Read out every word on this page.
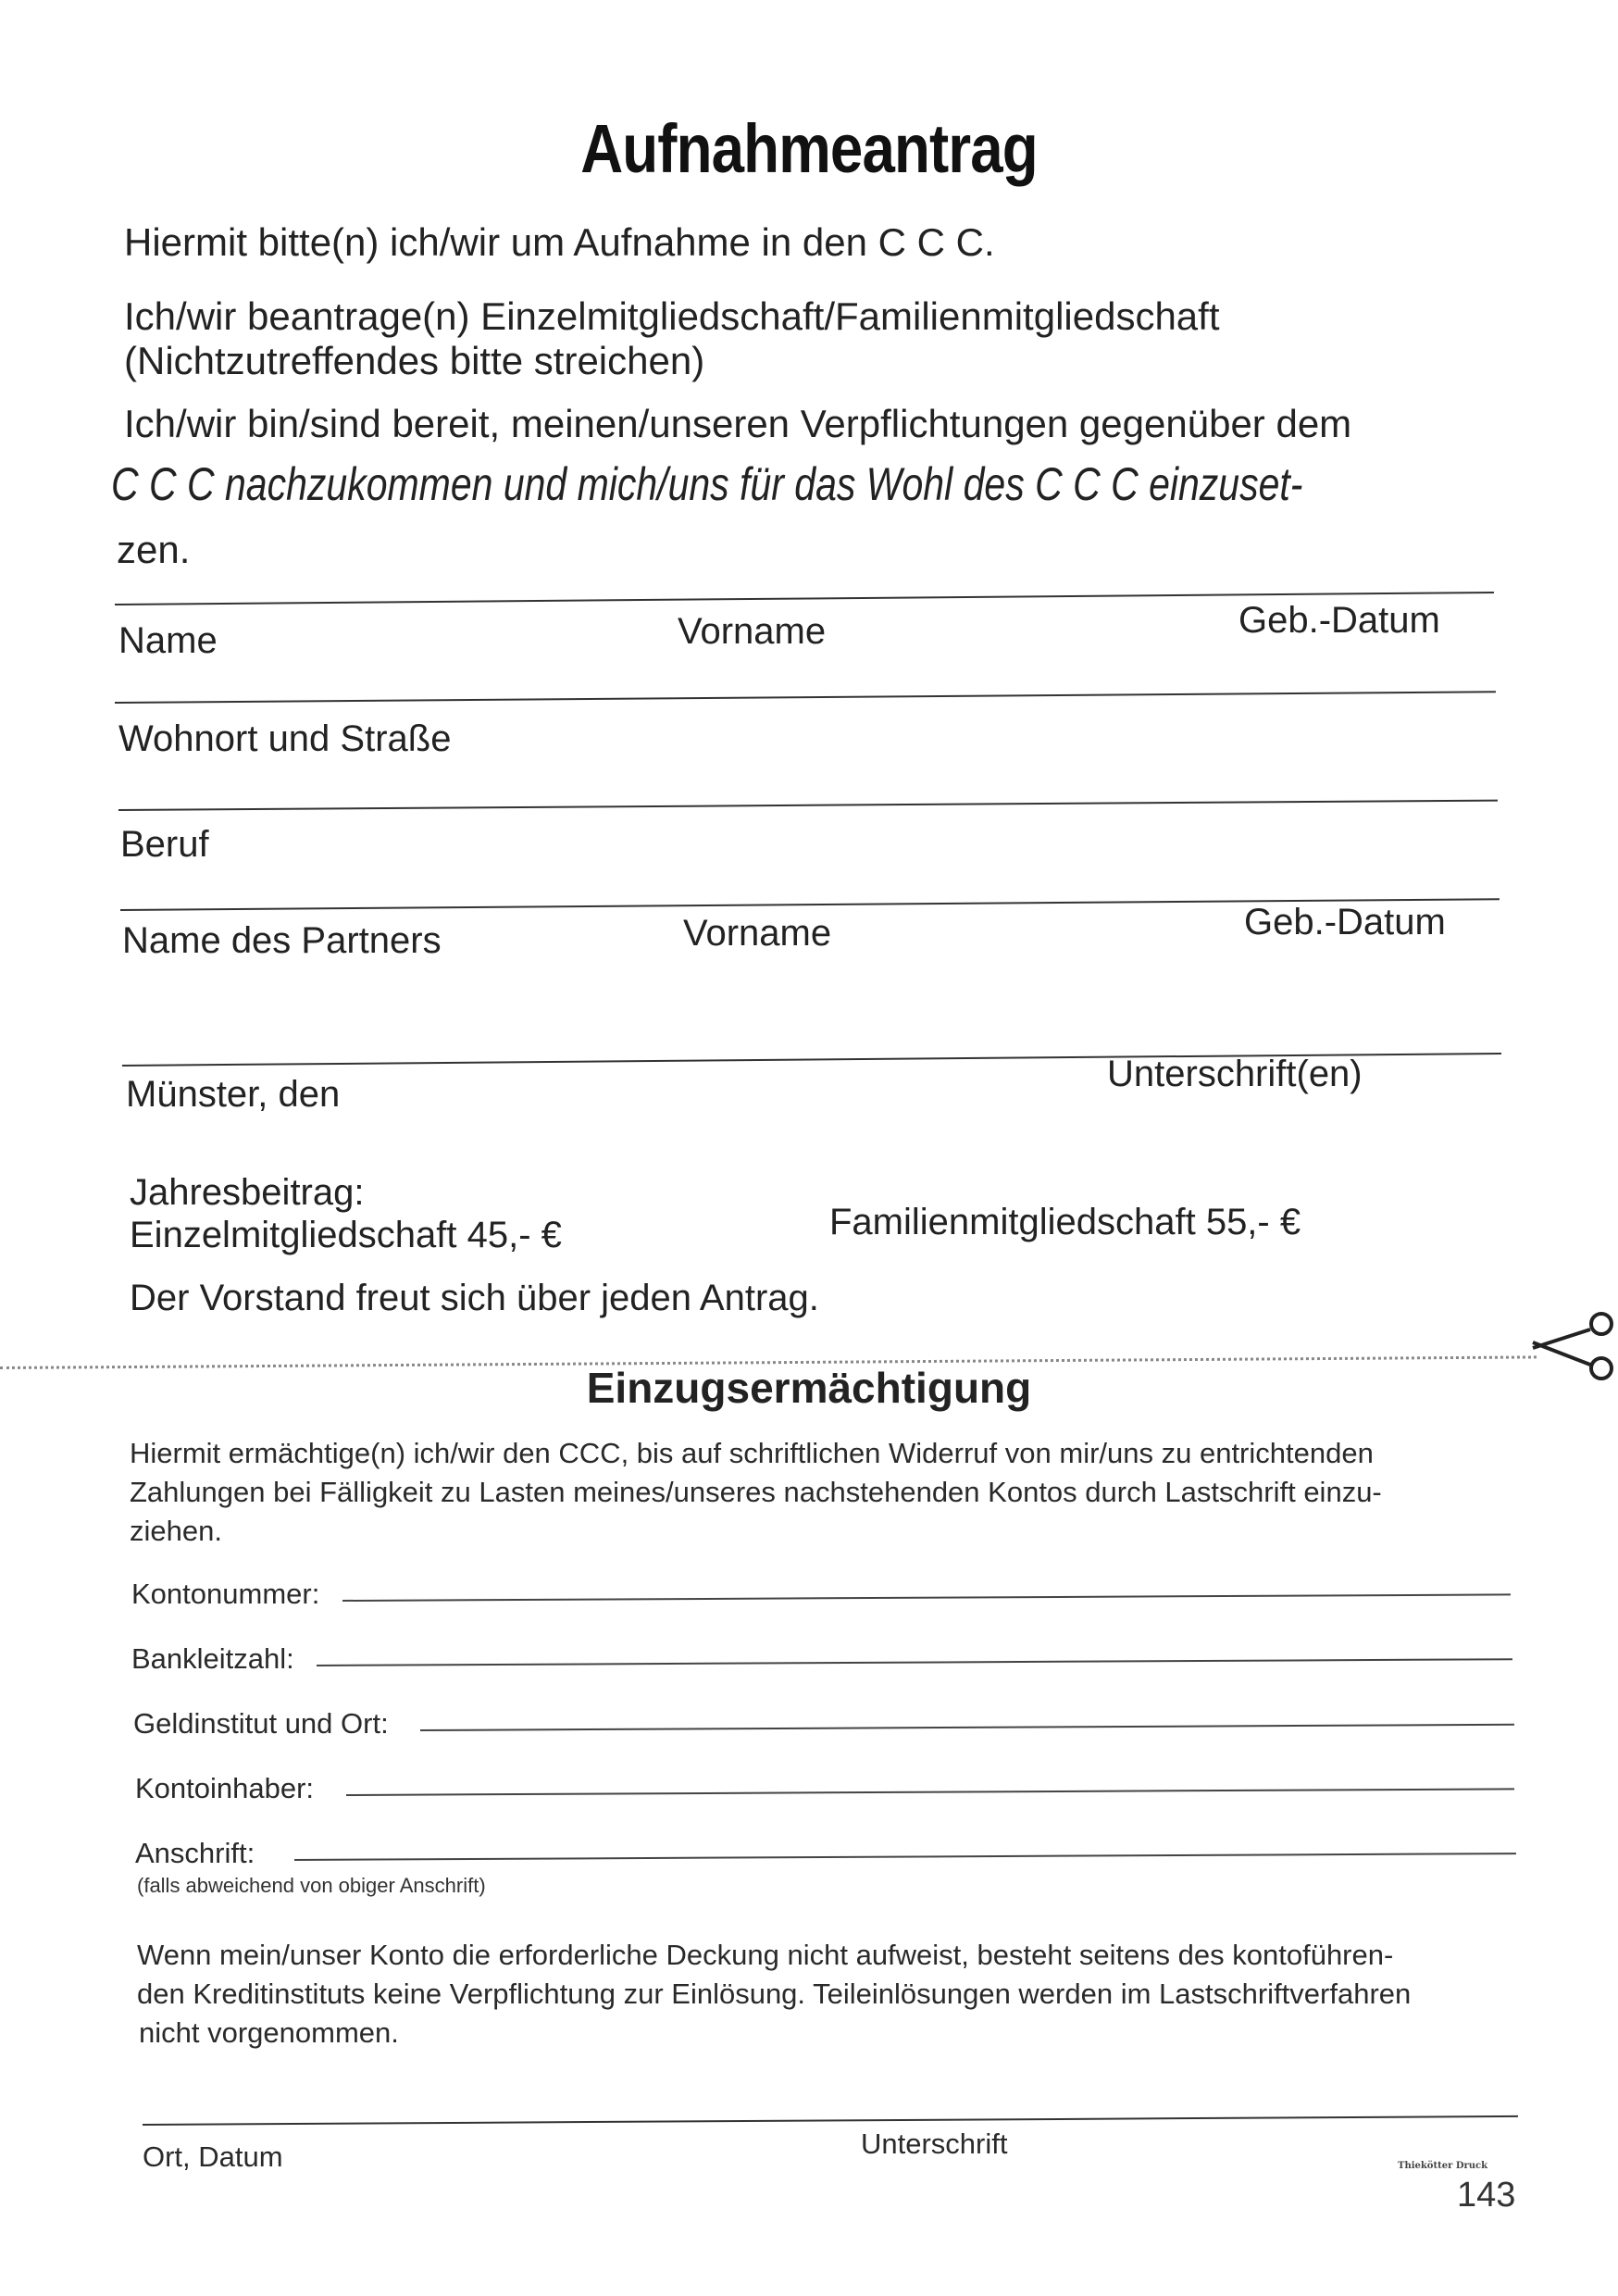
Aufnahmeantrag
Hiermit bitte(n) ich/wir um Aufnahme in den C C C.
Ich/wir beantrage(n) Einzelmitgliedschaft/Familienmitgliedschaft
(Nichtzutreffendes bitte streichen)
Ich/wir bin/sind bereit, meinen/unseren Verpflichtungen gegenüber dem
C C C nachzukommen und mich/uns für das Wohl des C C C einzuset-
zen.
Name	Vorname	Geb.-Datum
Wohnort und Straße
Beruf
Name des Partners	Vorname	Geb.-Datum
Münster, den	Unterschrift(en)
Jahresbeitrag:
Einzelmitgliedschaft 45,- €	Familienmitgliedschaft 55,- €
Der Vorstand freut sich über jeden Antrag.
Einzugsermächtigung
Hiermit ermächtige(n) ich/wir den CCC, bis auf schriftlichen Widerruf von mir/uns zu entrichtenden
Zahlungen bei Fälligkeit zu Lasten meines/unseres nachstehenden Kontos durch Lastschrift einzu-
ziehen.
Kontonummer:
Bankleitzahl:
Geldinstitut und Ort:
Kontoinhaber:
Anschrift:
(falls abweichend von obiger Anschrift)
Wenn mein/unser Konto die erforderliche Deckung nicht aufweist, besteht seitens des kontoführen-
den Kreditinstituts keine Verpflichtung zur Einlösung. Teileinlösungen werden im Lastschriftverfahren
nicht vorgenommen.
Ort, Datum	Unterschrift
Thiekötter Druck
143
